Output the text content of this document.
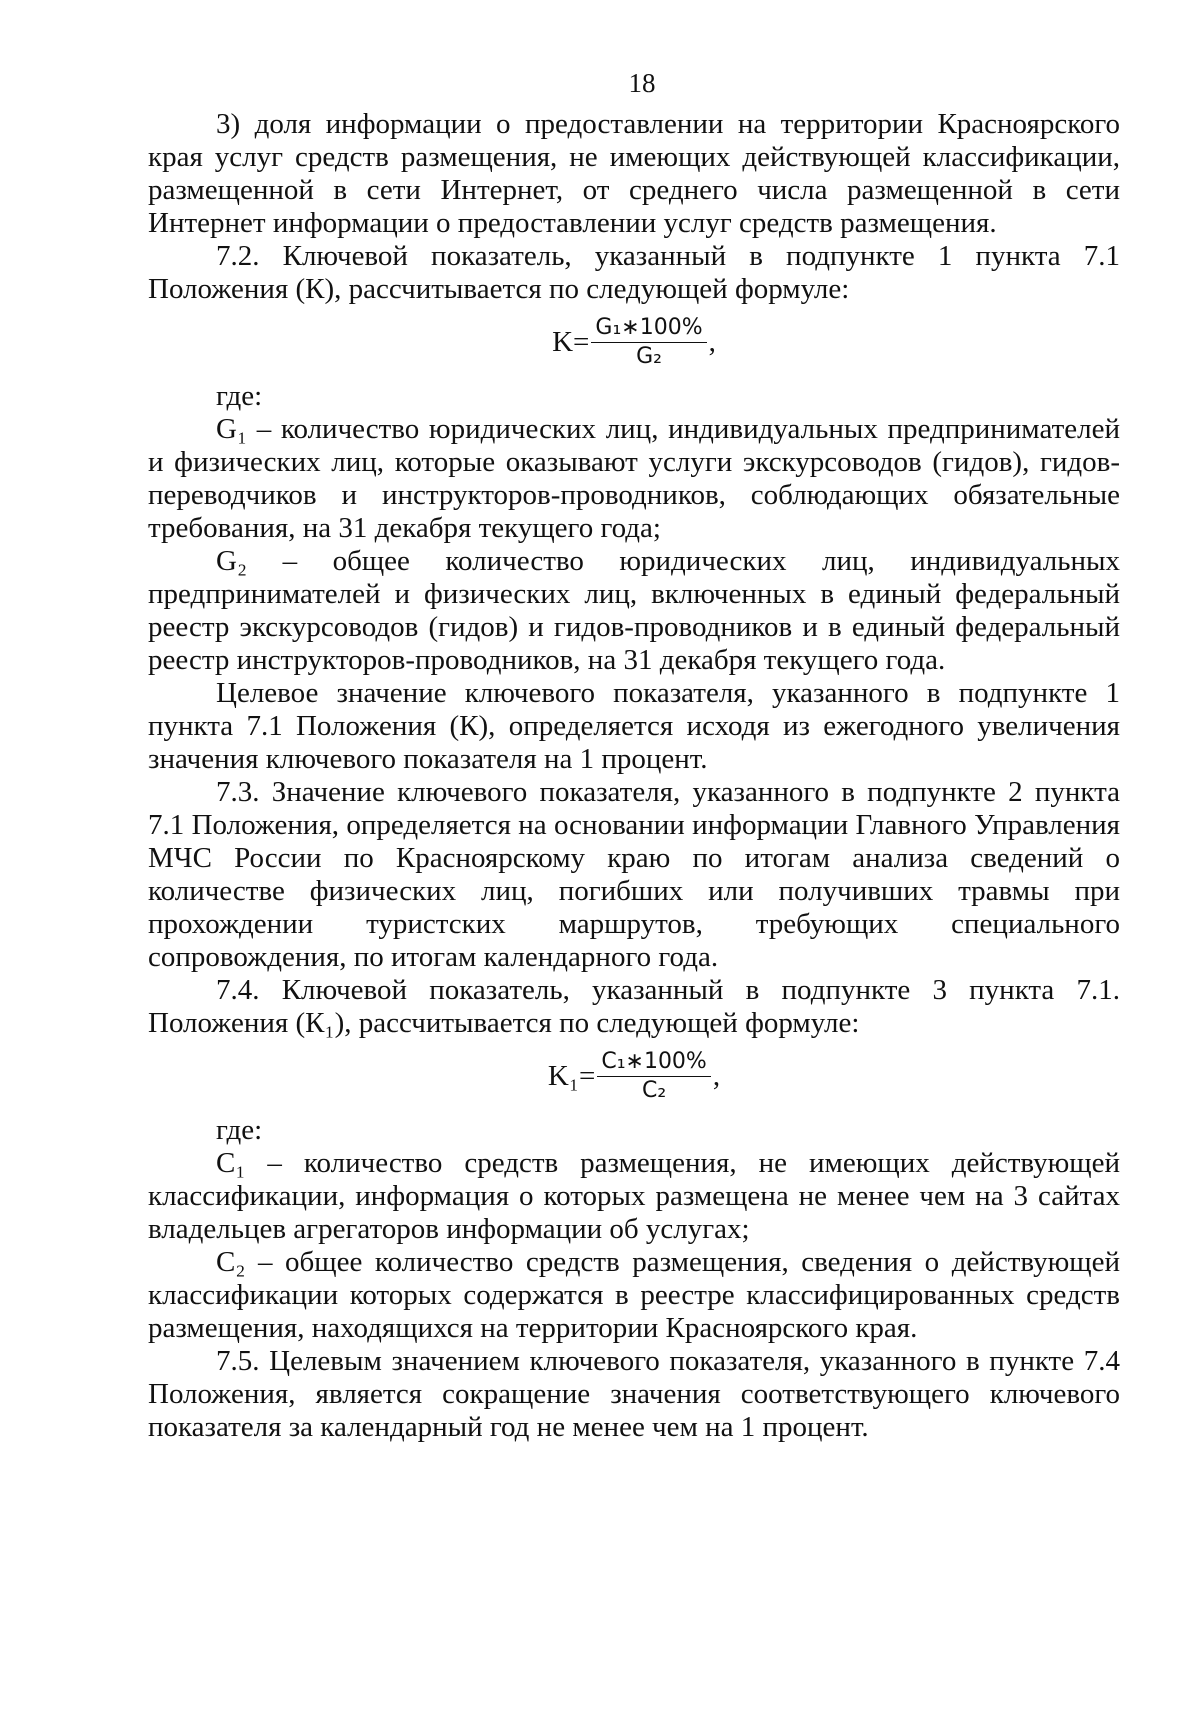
18

3) доля информации о предоставлении на территории Красноярского края услуг средств размещения, не имеющих действующей классификации, размещенной в сети Интернет, от среднего числа размещенной в сети Интернет информации о предоставлении услуг средств размещения.

7.2. Ключевой показатель, указанный в подпункте 1 пункта 7.1 Положения (К), рассчитывается по следующей формуле:

$K= \frac{\text{G₁∗100\%}}{\text{G₂}}$ ,

где:

G₁ – количество юридических лиц, индивидуальных предпринимателей и физических лиц, которые оказывают услуги экскурсоводов (гидов), гидов-переводчиков и инструкторов-проводников, соблюдающих обязательные требования, на 31 декабря текущего года;

G₂ – общее количество юридических лиц, индивидуальных предпринимателей и физических лиц, включенных в единый федеральный реестр экскурсоводов (гидов) и гидов-проводников и в единый федеральный реестр инструкторов-проводников, на 31 декабря текущего года.

Целевое значение ключевого показателя, указанного в подпункте 1 пункта 7.1 Положения (К), определяется исходя из ежегодного увеличения значения ключевого показателя на 1 процент.

7.3. Значение ключевого показателя, указанного в подпункте 2 пункта 7.1 Положения, определяется на основании информации Главного Управления МЧС России по Красноярскому краю по итогам анализа сведений о количестве физических лиц, погибших или получивших травмы при прохождении туристских маршрутов, требующих специального сопровождения, по итогам календарного года.

7.4. Ключевой показатель, указанный в подпункте 3 пункта 7.1. Положения (К₁), рассчитывается по следующей формуле:

$K_1= \frac{\text{C₁∗100\%}}{\text{C₂}}$ ,

где:

C₁ – количество средств размещения, не имеющих действующей классификации, информация о которых размещена не менее чем на 3 сайтах владельцев агрегаторов информации об услугах;

C₂ – общее количество средств размещения, сведения о действующей классификации которых содержатся в реестре классифицированных средств размещения, находящихся на территории Красноярского края.

7.5. Целевым значением ключевого показателя, указанного в пункте 7.4 Положения, является сокращение значения соответствующего ключевого показателя за календарный год не менее чем на 1 процент.
